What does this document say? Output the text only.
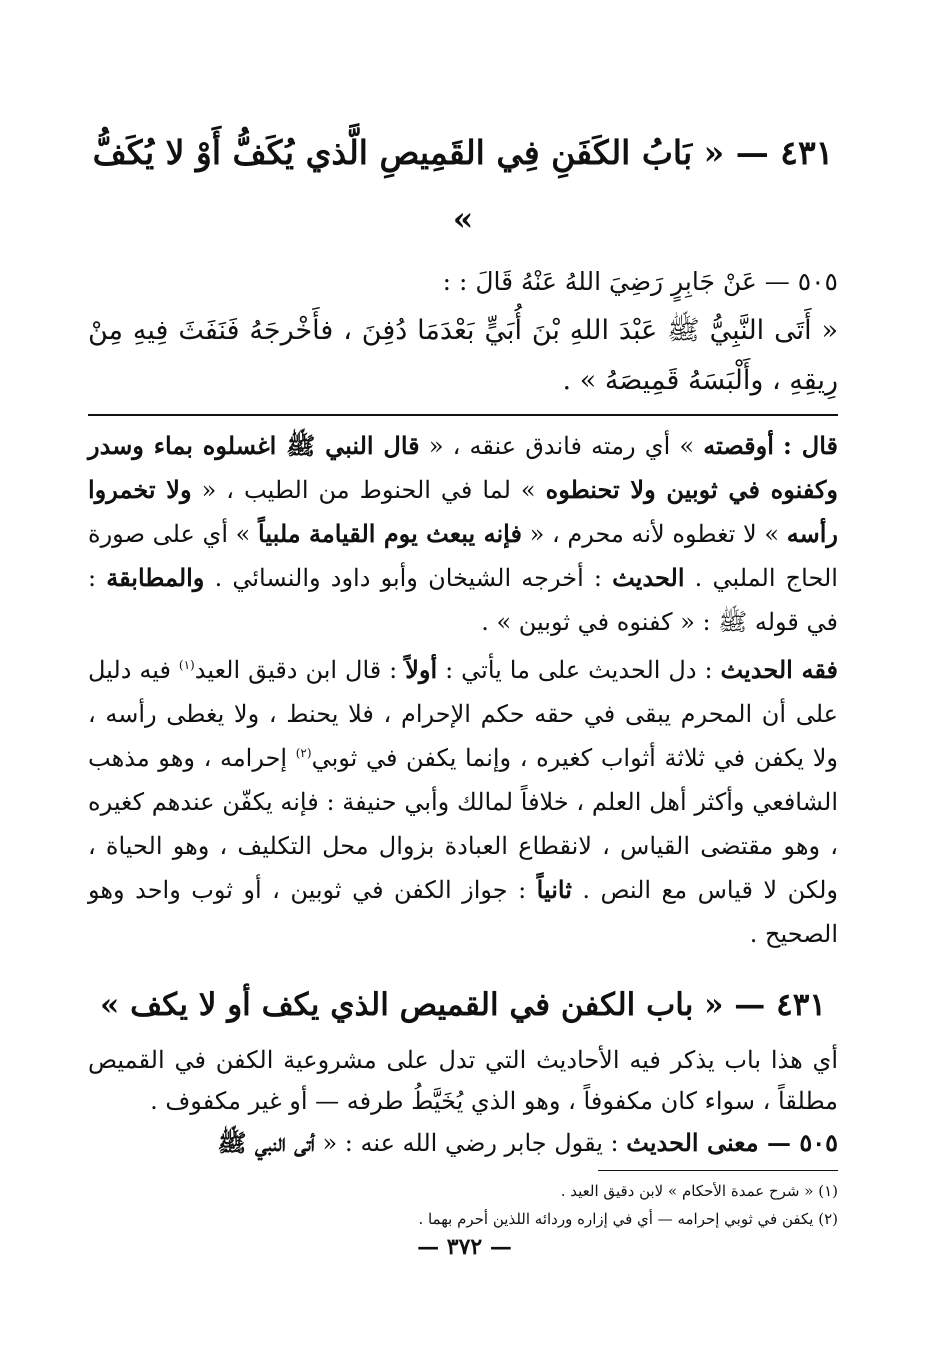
٤٣١ — « بَابُ الكَفَنِ فِي القَمِيصِ الَّذي يُكَفُّ أَوْ لا يُكَفُّ »

٥٠٥ — عَنْ جَابِرٍ رَضِيَ اللهُ عَنْهُ قَالَ : :

« أَتَى النَّبِيُّ ﷺ عَبْدَ اللهِ بْنَ أُبَيٍّ بَعْدَمَا دُفِنَ ، فأَخْرجَهُ فَنَفَثَ فِيهِ مِنْ رِيقِهِ ، وأَلْبَسَهُ قَمِيصَهُ » .

قال : أوقصته » أي رمته فاندق عنقه ، « قال النبي ﷺ اغسلوه بماء وسدر وكفنوه في ثوبين ولا تحنطوه » لما في الحنوط من الطيب ، « ولا تخمروا رأسه » لا تغطوه لأنه محرم ، « فإنه يبعث يوم القيامة ملبياً » أي على صورة الحاج الملبي . الحديث : أخرجه الشيخان وأبو داود والنسائي . والمطابقة : في قوله ﷺ : « كفنوه في ثوبين » .

فقه الحديث : دل الحديث على ما يأتي : أولاً : قال ابن دقيق العيد$^{(١)}$ فيه دليل على أن المحرم يبقى في حقه حكم الإحرام ، فلا يحنط ، ولا يغطى رأسه ، ولا يكفن في ثلاثة أثواب كغيره ، وإنما يكفن في ثوبي$^{(٢)}$ إحرامه ، وهو مذهب الشافعي وأكثر أهل العلم ، خلافاً لمالك وأبي حنيفة : فإنه يكفّن عندهم كغيره ، وهو مقتضى القياس ، لانقطاع العبادة بزوال محل التكليف ، وهو الحياة ، ولكن لا قياس مع النص . ثانياً : جواز الكفن في ثوبين ، أو ثوب واحد وهو الصحيح .

٤٣١ — « باب الكفن في القميص الذي يكف أو لا يكف »

أي هذا باب يذكر فيه الأحاديث التي تدل على مشروعية الكفن في القميص مطلقاً ، سواء كان مكفوفاً ، وهو الذي يُخَيَّطُ طرفه — أو غير مكفوف .

٥٠٥ — معنى الحديث : يقول جابر رضي الله عنه : « أتى النبي ﷺ

(١) « شرح عمدة الأحكام » لابن دقيق العيد .

(٢) يكفن في ثوبي إحرامه — أي في إزاره وردائه اللذين أحرم بهما .

— ٣٧٢ —
